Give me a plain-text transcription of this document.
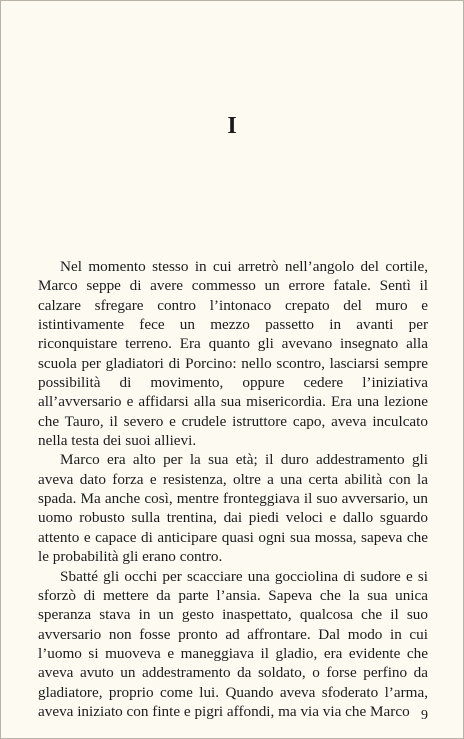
I

Nel momento stesso in cui arretrò nell’angolo del cortile, Marco seppe di avere commesso un errore fatale. Sentì il calzare sfregare contro l’intonaco crepato del muro e istintivamente fece un mezzo passetto in avanti per riconquistare terreno. Era quanto gli avevano insegnato alla scuola per gladiatori di Porcino: nello scontro, lasciarsi sempre possibilità di movimento, oppure cedere l’iniziativa all’avversario e affidarsi alla sua misericordia. Era una lezione che Tauro, il severo e crudele istruttore capo, aveva inculcato nella testa dei suoi allievi.

Marco era alto per la sua età; il duro addestramento gli aveva dato forza e resistenza, oltre a una certa abilità con la spada. Ma anche così, mentre fronteggiava il suo avversario, un uomo robusto sulla trentina, dai piedi veloci e dallo sguardo attento e capace di anticipare quasi ogni sua mossa, sapeva che le probabilità gli erano contro.

Sbatté gli occhi per scacciare una gocciolina di sudore e si sforzò di mettere da parte l’ansia. Sapeva che la sua unica speranza stava in un gesto inaspettato, qualcosa che il suo avversario non fosse pronto ad affrontare. Dal modo in cui l’uomo si muoveva e maneggiava il gladio, era evidente che aveva avuto un addestramento da soldato, o forse perfino da gladiatore, proprio come lui. Quando aveva sfoderato l’arma, aveva iniziato con finte e pigri affondi, ma via via che Marco 9
